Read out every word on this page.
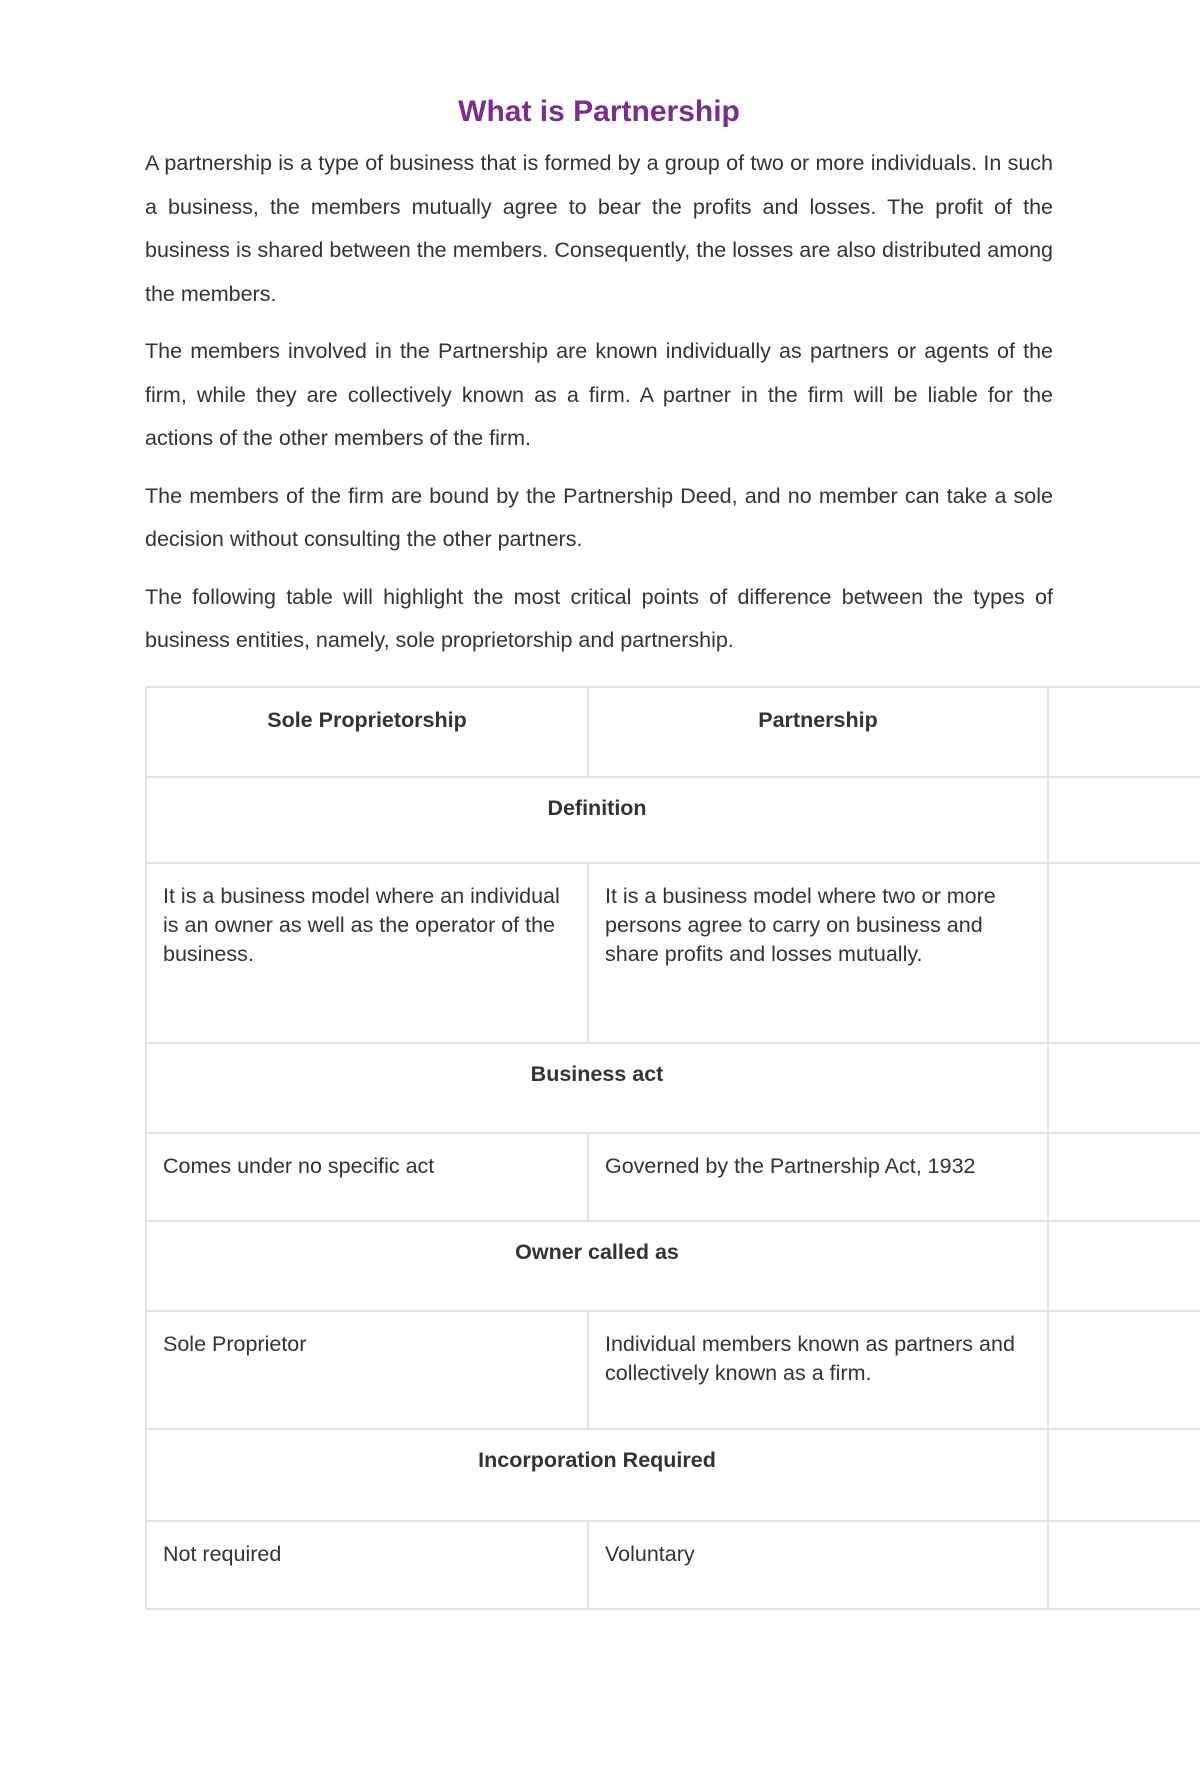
What is Partnership

A partnership is a type of business that is formed by a group of two or more individuals. In such a business, the members mutually agree to bear the profits and losses. The profit of the business is shared between the members. Consequently, the losses are also distributed among the members.

The members involved in the Partnership are known individually as partners or agents of the firm, while they are collectively known as a firm. A partner in the firm will be liable for the actions of the other members of the firm.

The members of the firm are bound by the Partnership Deed, and no member can take a sole decision without consulting the other partners.

The following table will highlight the most critical points of difference between the types of business entities, namely, sole proprietorship and partnership.

Sole Proprietorship	Partnership	
Definition		
It is a business model where an individual is an owner as well as the operator of the business.	It is a business model where two or more persons agree to carry on business and share profits and losses mutually.	
Business act		
Comes under no specific act	Governed by the Partnership Act, 1932	
Owner called as		
Sole Proprietor	Individual members known as partners and collectively known as a firm.	
Incorporation Required		
Not required	Voluntary	
